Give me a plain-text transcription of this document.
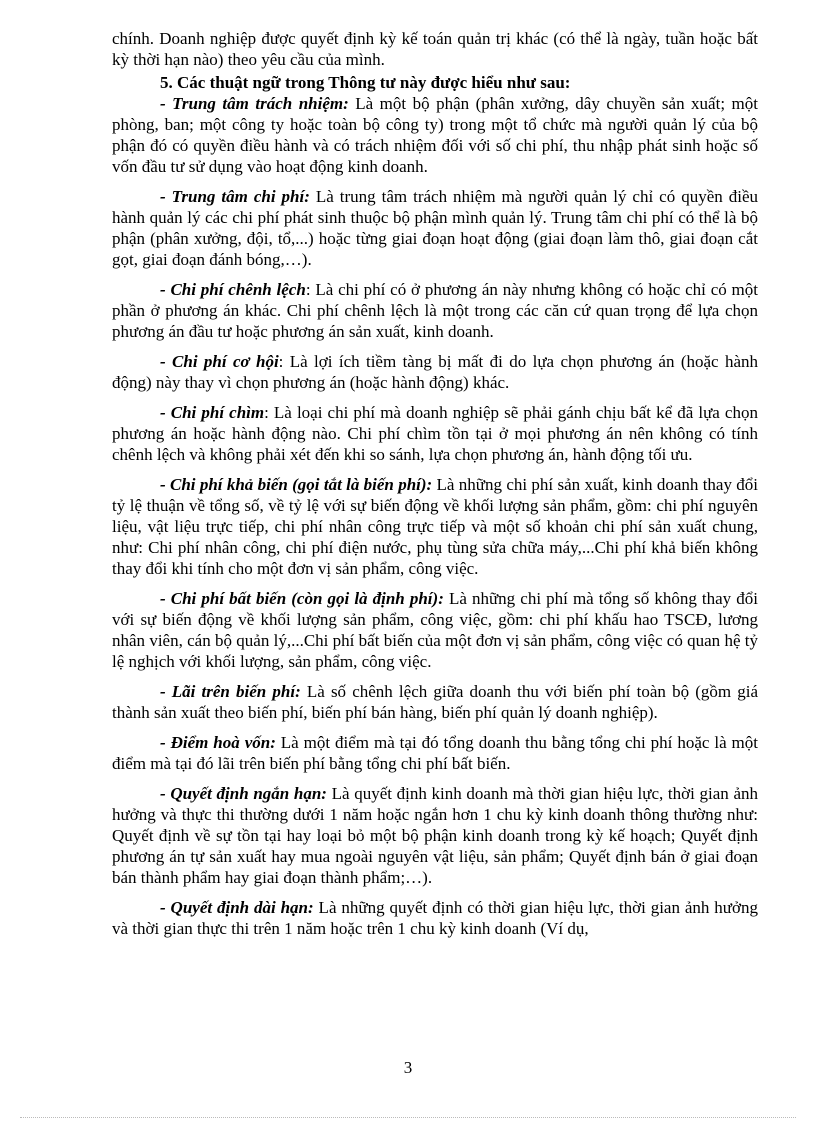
chính. Doanh nghiệp được quyết định kỳ kế toán quản trị khác (có thể là ngày, tuần hoặc bất kỳ thời hạn nào) theo yêu cầu của mình.

5. Các thuật ngữ trong Thông tư này được hiểu như sau:

- Trung tâm trách nhiệm: Là một bộ phận (phân xưởng, dây chuyền sản xuất; một phòng, ban; một công ty hoặc toàn bộ công ty) trong một tổ chức mà người quản lý của bộ phận đó có quyền điều hành và có trách nhiệm đối với số chi phí, thu nhập phát sinh hoặc số vốn đầu tư sử dụng vào hoạt động kinh doanh.

- Trung tâm chi phí: Là trung tâm trách nhiệm mà người quản lý chỉ có quyền điều hành quản lý các chi phí phát sinh thuộc bộ phận mình quản lý. Trung tâm chi phí có thể là bộ phận (phân xưởng, đội, tổ,...) hoặc từng giai đoạn hoạt động (giai đoạn làm thô, giai đoạn cắt gọt, giai đoạn đánh bóng,…).

- Chi phí chênh lệch: Là chi phí có ở phương án này nhưng không có hoặc chỉ có một phần ở phương án khác. Chi phí chênh lệch là một trong các căn cứ quan trọng để lựa chọn phương án đầu tư hoặc phương án sản xuất, kinh doanh.

- Chi phí cơ hội: Là lợi ích tiềm tàng bị mất đi do lựa chọn phương án (hoặc hành động) này thay vì chọn phương án (hoặc hành động) khác.

- Chi phí chìm: Là loại chi phí mà doanh nghiệp sẽ phải gánh chịu bất kể đã lựa chọn phương án hoặc hành động nào. Chi phí chìm tồn tại ở mọi phương án nên không có tính chênh lệch và không phải xét đến khi so sánh, lựa chọn phương án, hành động tối ưu.

- Chi phí khả biến (gọi tắt là biến phí): Là những chi phí sản xuất, kinh doanh thay đổi tỷ lệ thuận về tổng số, về tỷ lệ với sự biến động về khối lượng sản phẩm, gồm: chi phí nguyên liệu, vật liệu trực tiếp, chi phí nhân công trực tiếp và một số khoản chi phí sản xuất chung, như: Chi phí nhân công, chi phí điện nước, phụ tùng sửa chữa máy,...Chi phí khả biến không thay đổi khi tính cho một đơn vị sản phẩm, công việc.

- Chi phí bất biến (còn gọi là định phí): Là những chi phí mà tổng số không thay đổi với sự biến động về khối lượng sản phẩm, công việc, gồm: chi phí khấu hao TSCĐ, lương nhân viên, cán bộ quản lý,...Chi phí bất biến của một đơn vị sản phẩm, công việc có quan hệ tỷ lệ nghịch với khối lượng, sản phẩm, công việc.

- Lãi trên biến phí: Là số chênh lệch giữa doanh thu với biến phí toàn bộ (gồm giá thành sản xuất theo biến phí, biến phí bán hàng, biến phí quản lý doanh nghiệp).

- Điểm hoà vốn: Là một điểm mà tại đó tổng doanh thu bằng tổng chi phí hoặc là một điểm mà tại đó lãi trên biến phí bằng tổng chi phí bất biến.

- Quyết định ngắn hạn: Là quyết định kinh doanh mà thời gian hiệu lực, thời gian ảnh hưởng và thực thi thường dưới 1 năm hoặc ngắn hơn 1 chu kỳ kinh doanh thông thường như: Quyết định về sự tồn tại hay loại bỏ một bộ phận kinh doanh trong kỳ kế hoạch; Quyết định phương án tự sản xuất hay mua ngoài nguyên vật liệu, sản phẩm; Quyết định bán ở giai đoạn bán thành phẩm hay giai đoạn thành phẩm;…).

- Quyết định dài hạn: Là những quyết định có thời gian hiệu lực, thời gian ảnh hưởng và thời gian thực thi trên 1 năm hoặc trên 1 chu kỳ kinh doanh (Ví dụ,

3
